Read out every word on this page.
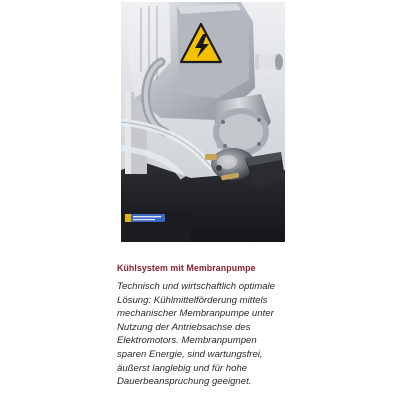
Kühlsystem mit Membranpumpe

Technisch und wirtschaftlich optimale
Lösung: Kühlmittelförderung mittels
mechanischer Membranpumpe unter
Nutzung der Antriebsachse des
Elektromotors. Membranpumpen
sparen Energie, sind wartungsfrei,
äußerst langlebig und für hohe
Dauerbeanspruchung geeignet.
